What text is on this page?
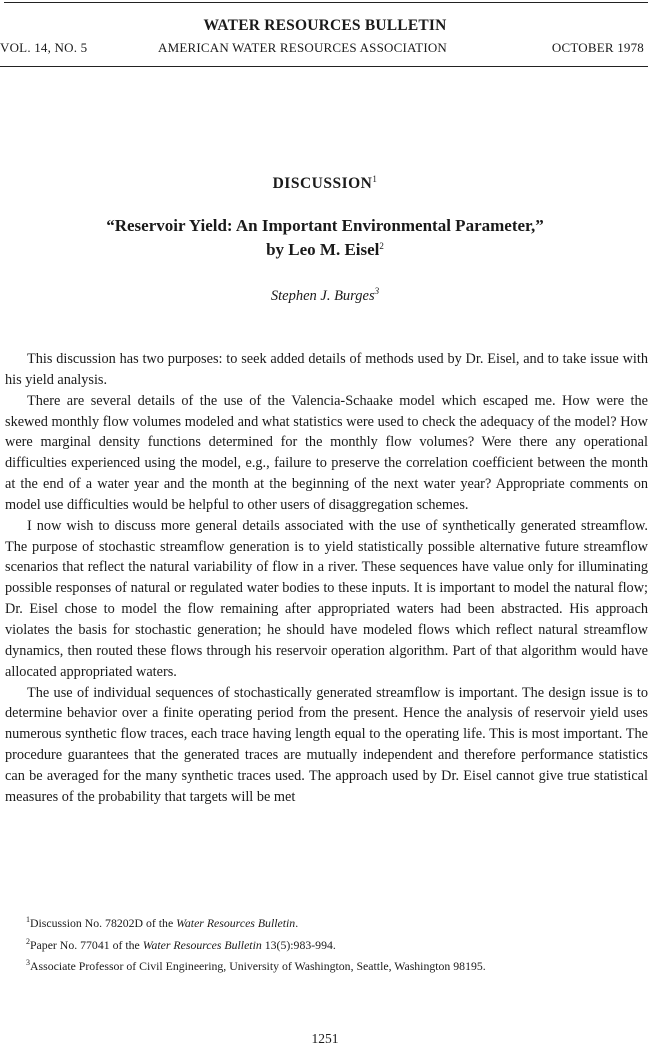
WATER RESOURCES BULLETIN
VOL. 14, NO. 5	AMERICAN WATER RESOURCES ASSOCIATION	OCTOBER 1978
DISCUSSION$^1$
“Reservoir Yield: An Important Environmental Parameter,”
by Leo M. Eisel$^2$
Stephen J. Burges$^3$

This discussion has two purposes: to seek added details of methods used by Dr. Eisel, and to take issue with his yield analysis.

There are several details of the use of the Valencia-Schaake model which escaped me. How were the skewed monthly flow volumes modeled and what statistics were used to check the adequacy of the model? How were marginal density functions determined for the monthly flow volumes? Were there any operational difficulties experienced using the model, e.g., failure to preserve the correlation coefficient between the month at the end of a water year and the month at the beginning of the next water year? Appropriate comments on model use difficulties would be helpful to other users of disaggregation schemes.

I now wish to discuss more general details associated with the use of synthetically generated streamflow. The purpose of stochastic streamflow generation is to yield statistically possible alternative future streamflow scenarios that reflect the natural variability of flow in a river. These sequences have value only for illuminating possible responses of natural or regulated water bodies to these inputs. It is important to model the natural flow; Dr. Eisel chose to model the flow remaining after appropriated waters had been abstracted. His approach violates the basis for stochastic generation; he should have modeled flows which reflect natural streamflow dynamics, then routed these flows through his reservoir operation algorithm. Part of that algorithm would have allocated appropriated waters.

The use of individual sequences of stochastically generated streamflow is important. The design issue is to determine behavior over a finite operating period from the present. Hence the analysis of reservoir yield uses numerous synthetic flow traces, each trace having length equal to the operating life. This is most important. The procedure guarantees that the generated traces are mutually independent and therefore performance statistics can be averaged for the many synthetic traces used. The approach used by Dr. Eisel cannot give true statistical measures of the probability that targets will be met

$^1$Discussion No. 78202D of the Water Resources Bulletin.
$^2$Paper No. 77041 of the Water Resources Bulletin 13(5):983-994.
$^3$Associate Professor of Civil Engineering, University of Washington, Seattle, Washington 98195.
1251
